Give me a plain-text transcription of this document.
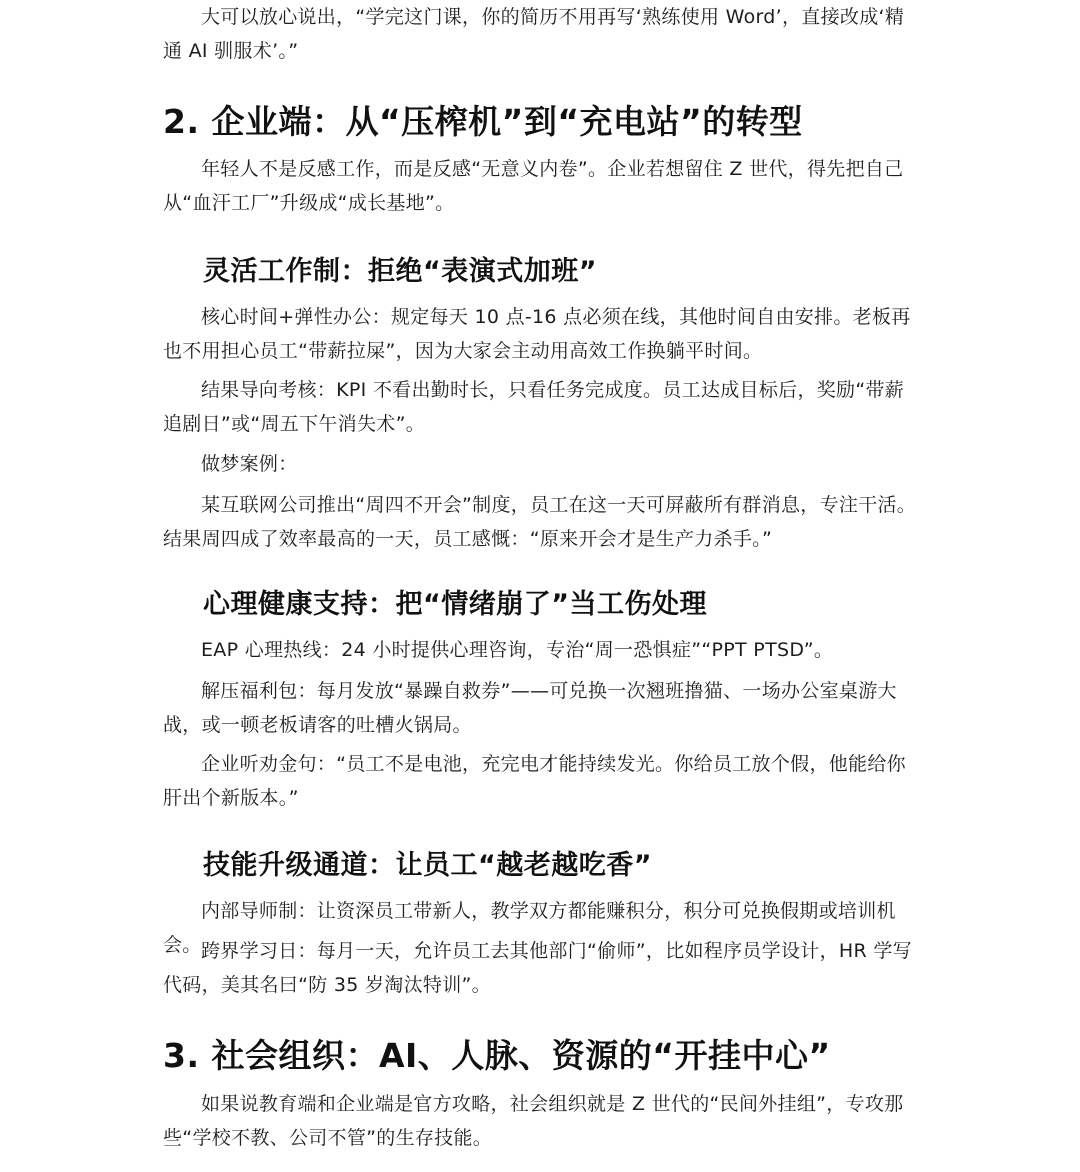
大可以放心说出，“学完这门课，你的简历不用再写‘熟练使用 Word’，直接改成‘精通 AI 驯服术’。”

2. 企业端：从“压榨机”到“充电站”的转型

年轻人不是反感工作，而是反感“无意义内卷”。企业若想留住 Z 世代，得先把自己从“血汗工厂”升级成“成长基地”。

灵活工作制：拒绝“表演式加班”

核心时间+弹性办公：规定每天 10 点-16 点必须在线，其他时间自由安排。老板再也不用担心员工“带薪拉屎”，因为大家会主动用高效工作换躺平时间。

结果导向考核：KPI 不看出勤时长，只看任务完成度。员工达成目标后，奖励“带薪追剧日”或“周五下午消失术”。

做梦案例：

某互联网公司推出“周四不开会”制度，员工在这一天可屏蔽所有群消息，专注干活。结果周四成了效率最高的一天，员工感慨：“原来开会才是生产力杀手。”

心理健康支持：把“情绪崩了”当工伤处理

EAP 心理热线：24 小时提供心理咨询，专治“周一恐惧症”“PPT PTSD”。

解压福利包：每月发放“暴躁自救券”——可兑换一次翘班撸猫、一场办公室桌游大战，或一顿老板请客的吐槽火锅局。

企业听劝金句：“员工不是电池，充完电才能持续发光。你给员工放个假，他能给你肝出个新版本。”

技能升级通道：让员工“越老越吃香”

内部导师制：让资深员工带新人，教学双方都能赚积分，积分可兑换假期或培训机会。 跨界学习日：每月一天，允许员工去其他部门“偷师”，比如程序员学设计，HR 学写代码，美其名曰“防 35 岁淘汰特训”。

3. 社会组织：AI、人脉、资源的“开挂中心”

如果说教育端和企业端是官方攻略，社会组织就是 Z 世代的“民间外挂组”，专攻那些“学校不教、公司不管”的生存技能。
